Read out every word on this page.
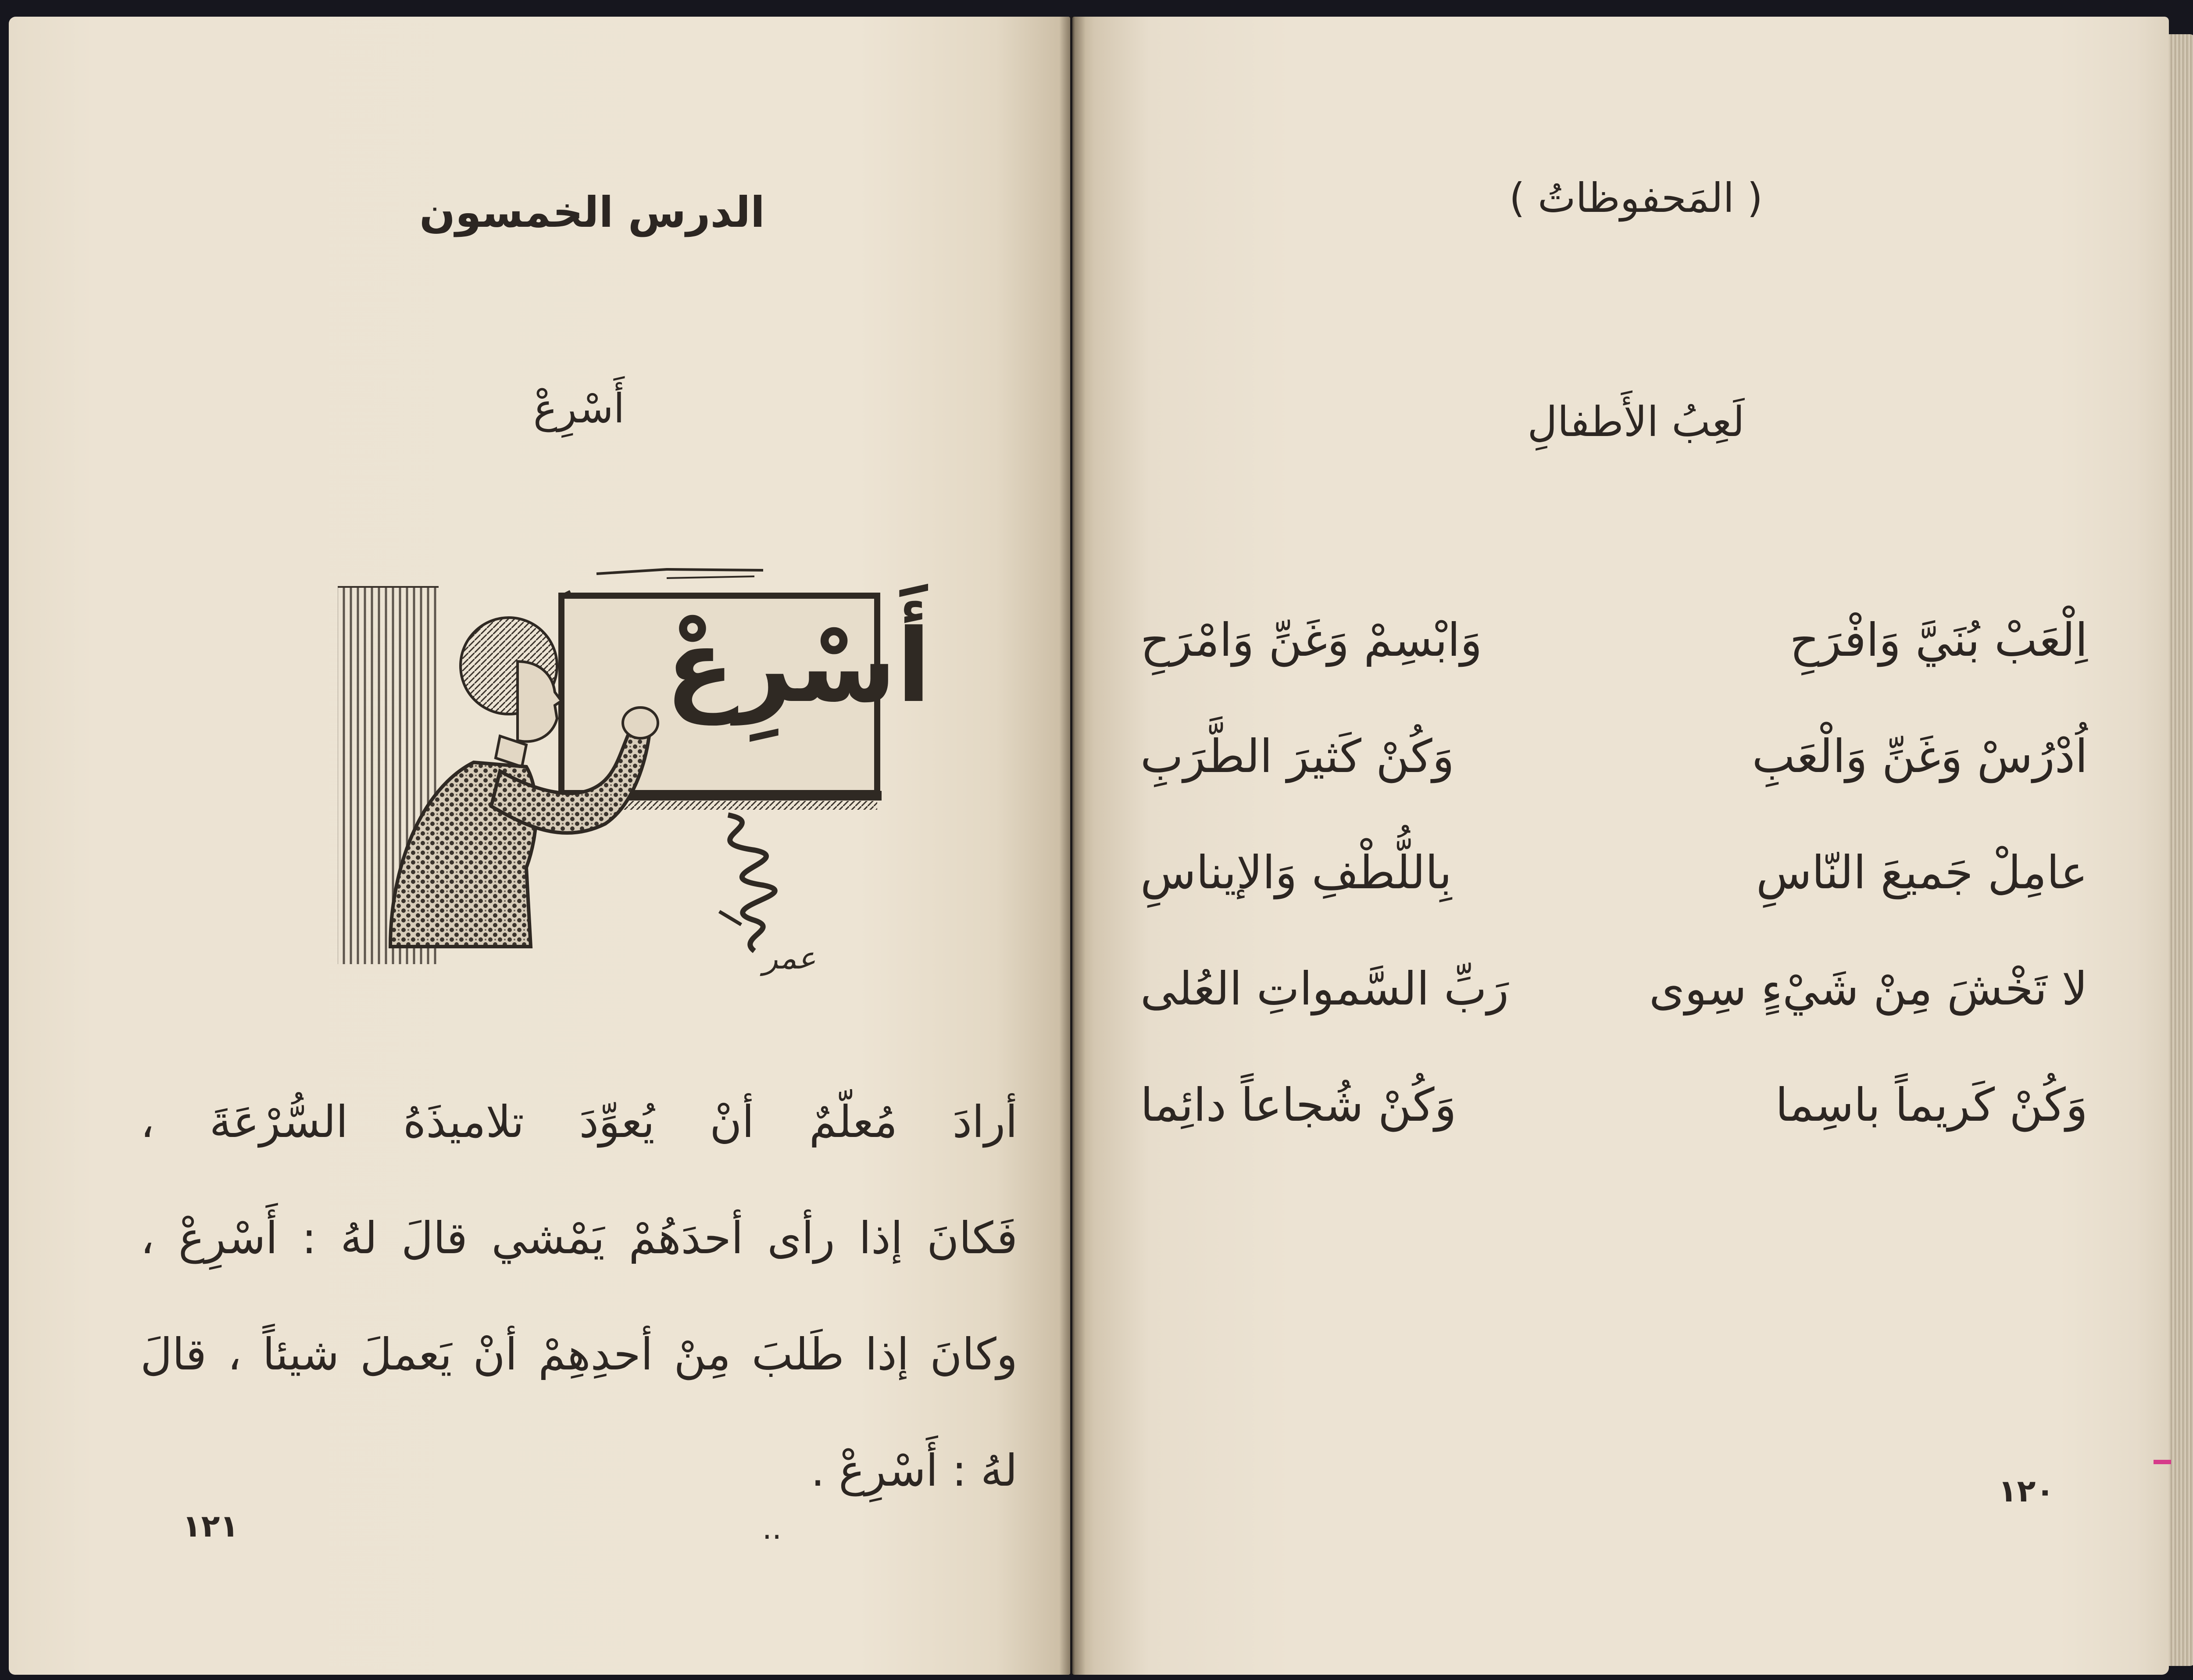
الدرس الخمسون
أَسْرِعْ
أَسْرِعْ
عمر
أرادَ مُعلّمٌ أنْ يُعوِّدَ تلاميذَهُ السُّرْعَةَ ،
فَكانَ إذا رأى أحدَهُمْ يَمْشي قالَ لهُ : أَسْرِعْ ،
وكانَ إذا طَلبَ مِنْ أحدِهِمْ أنْ يَعملَ شيئاً ، قالَ
لهُ : أَسْرِعْ .
١٢١	..
( المَحفوظاتُ )
لَعِبُ الأَطفالِ
اِلْعَبْ بُنَيَّ وَافْرَحِ
وَابْسِمْ وَغَنِّ وَامْرَحِ
اُدْرُسْ وَغَنِّ وَالْعَبِ
وَكُنْ كَثيرَ الطَّرَبِ
عامِلْ جَميعَ النّاسِ
بِاللُّطْفِ وَالإيناسِ
لا تَخْشَ مِنْ شَيْءٍ سِوى
رَبِّ السَّمواتِ العُلى
وَكُنْ كَريماً باسِما
وَكُنْ شُجاعاً دائِما
١٢٠
